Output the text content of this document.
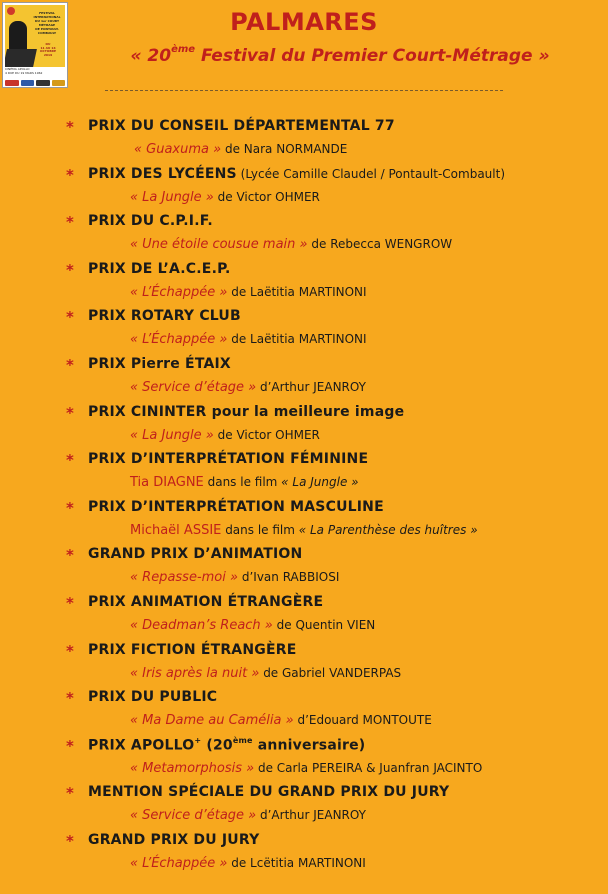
FESTIVAL
INTERNATIONAL
DU 1er COURT MÉTRAGE
DE PONTAULT-COMBAULT
DU
11 AU 16
OCTOBRE
2019
CINÉMA APOLLO
4 RUE DU 19 MARS 1962
PALMARES
« 20ème Festival du Premier Court-Métrage »
* PRIX DU CONSEIL DÉPARTEMENTAL 77
« Guaxuma » de Nara NORMANDE
* PRIX DES LYCÉENS (Lycée Camille Claudel / Pontault-Combault)
« La Jungle » de Victor OHMER
* PRIX DU C.P.I.F.
« Une étoile cousue main » de Rebecca WENGROW
* PRIX DE L’A.C.E.P.
« L’Échappée » de Laëtitia MARTINONI
* PRIX ROTARY CLUB
« L’Échappée » de Laëtitia MARTINONI
* PRIX Pierre ÉTAIX
« Service d’étage » d’Arthur JEANROY
* PRIX CININTER pour la meilleure image
« La Jungle » de Victor OHMER
* PRIX D’INTERPRÉTATION FÉMININE
Tia DIAGNE dans le film « La Jungle »
* PRIX D’INTERPRÉTATION MASCULINE
Michaël ASSIE dans le film « La Parenthèse des huîtres »
* GRAND PRIX D’ANIMATION
« Repasse-moi » d’Ivan RABBIOSI
* PRIX ANIMATION ÉTRANGÈRE
« Deadman’s Reach » de Quentin VIEN
* PRIX FICTION ÉTRANGÈRE
« Iris après la nuit » de Gabriel VANDERPAS
* PRIX DU PUBLIC
« Ma Dame au Camélia » d’Edouard MONTOUTE
* PRIX APOLLO+ (20ème anniversaire)
« Metamorphosis » de Carla PEREIRA & Juanfran JACINTO
* MENTION SPÉCIALE DU GRAND PRIX DU JURY
« Service d’étage » d’Arthur JEANROY
* GRAND PRIX DU JURY
« L’Échappée » de Lcëtitia MARTINONI
